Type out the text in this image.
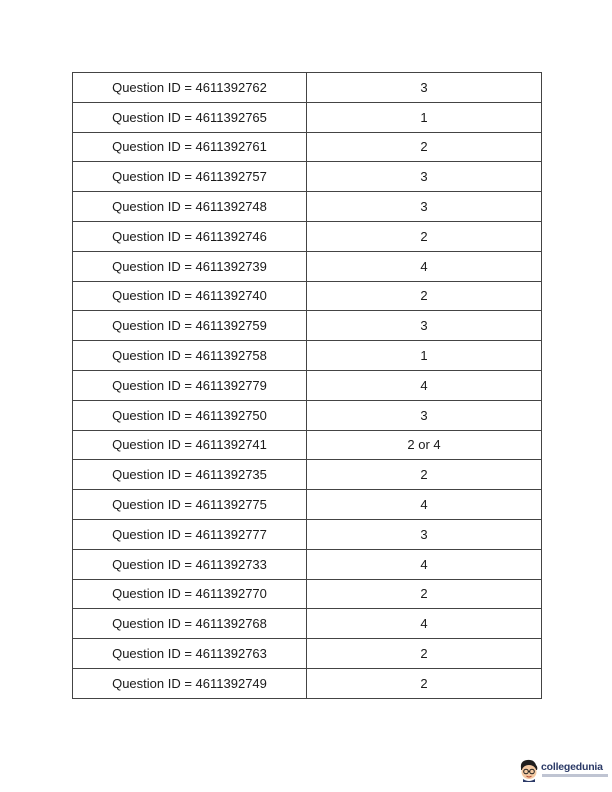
Question ID = 4611392762	3
Question ID = 4611392765	1
Question ID = 4611392761	2
Question ID = 4611392757	3
Question ID = 4611392748	3
Question ID = 4611392746	2
Question ID = 4611392739	4
Question ID = 4611392740	2
Question ID = 4611392759	3
Question ID = 4611392758	1
Question ID = 4611392779	4
Question ID = 4611392750	3
Question ID = 4611392741	2 or 4
Question ID = 4611392735	2
Question ID = 4611392775	4
Question ID = 4611392777	3
Question ID = 4611392733	4
Question ID = 4611392770	2
Question ID = 4611392768	4
Question ID = 4611392763	2
Question ID = 4611392749	2
collegedunia
